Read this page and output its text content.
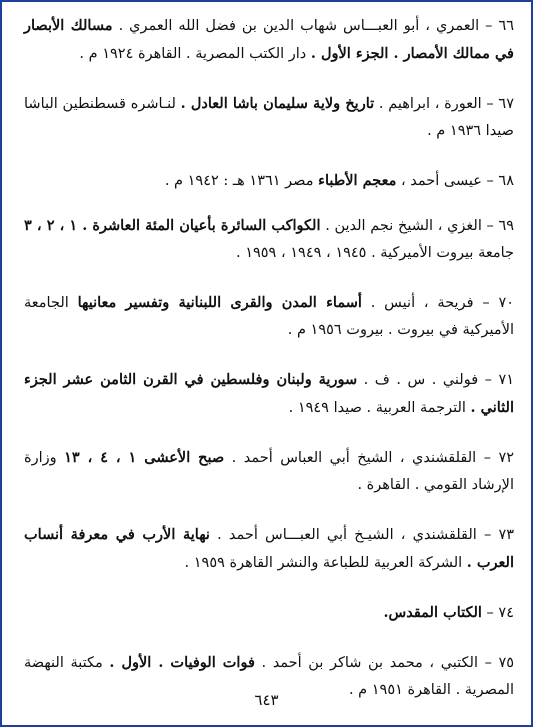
٦٦ – العمري ، أبو العبـــاس شهاب الدين بن فضل الله العمري . مسالك الأبصار في ممالك الأمصار . الجزء الأول . دار الكتب المصرية . القاهرة ١٩٢٤ م .

٦٧ – العورة ، ابراهيم . تاريخ ولاية سليمان باشا العادل . لنـاشره قسطنطين الباشا صيدا ١٩٣٦ م .

٦٨ – عيسى أحمد ، معجم الأطباء مصر ١٣٦١ هـ : ١٩٤٢ م .

٦٩ – الغزي ، الشيخ نجم الدين . الكواكب السائرة بأعيان المئة العاشرة . ١ ، ٢ ، ٣ جامعة بيروت الأميركية . ١٩٤٥ ، ١٩٤٩ ، ١٩٥٩ .

٧٠ – فريحة ، أنيس . أسماء المدن والقرى اللبنانية وتفسير معانيها الجامعة الأميركية في بيروت . بيروت ١٩٥٦ م .

٧١ – فولني . س . ف . سورية ولبنان وفلسطين في القرن الثامن عشر الجزء الثاني . الترجمة العربية . صيدا ١٩٤٩ .

٧٢ – القلقشندي ، الشيخ أبي العباس أحمد . صبح الأعشى ١ ، ٤ ، ١٣ وزارة الإرشاد القومي . القاهرة .

٧٣ – القلقشندي ، الشيـخ أبي العبـــاس أحمد . نهاية الأرب في معرفة أنساب العرب . الشركة العربية للطباعة والنشر القاهرة ١٩٥٩ .

٧٤ – الكتاب المقدس.

٧٥ – الكتبي ، محمد بن شاكر بن أحمد . فوات الوفيات . الأول . مكتبة النهضة المصرية . القاهرة ١٩٥١ م .

٦٤٣
